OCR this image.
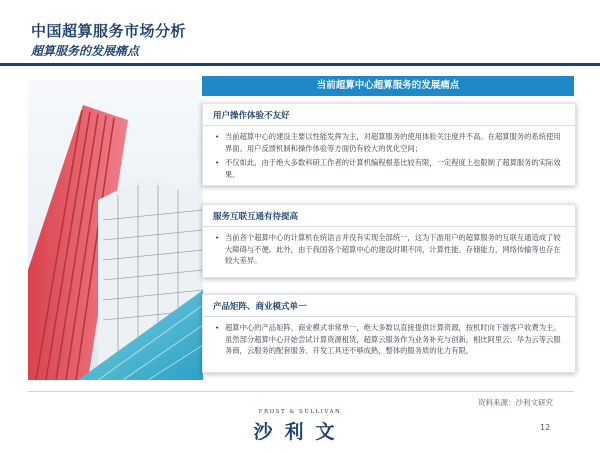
中国超算服务市场分析
超算服务的发展痛点
当前超算中心超算服务的发展痛点
用户操作体验不友好
• 当前超算中心的建设主要以性能发挥为主，对超算服务的使用体验关注度并不高。在超算服务的系统使用界面、用户反馈机制和操作体验等方面仍有较大的优化空间；
• 不仅如此，由于绝大多数科研工作者的计算机编程根基比较有限，一定程度上也限制了超算服务的实际效果。
服务互联互通有待提高
• 当前各个超算中心的计算机在统语言并没有实现全部统一，这为下游用户的超算服务的互联互通造成了较大障碍与不便。此外，由于我国各个超算中心的建设时期不同，计算性能、存储能力，网络传输等也存在较大差异。
产品矩阵、商业模式单一
• 超算中心的产品矩阵、商业模式非常单一，绝大多数以直接提供计算资源，按机时向下游客户收费为主。虽然部分超算中心开始尝试计算资源租赁，超算云服务作为业务补充与创新，相比阿里云、华为云等云服务商，云服务的配套服务、开发工具还不够成熟，整体的服务质的化力有限。
资料来源：沙利文研究
FROST & SULLIVAN
沙利文	12
